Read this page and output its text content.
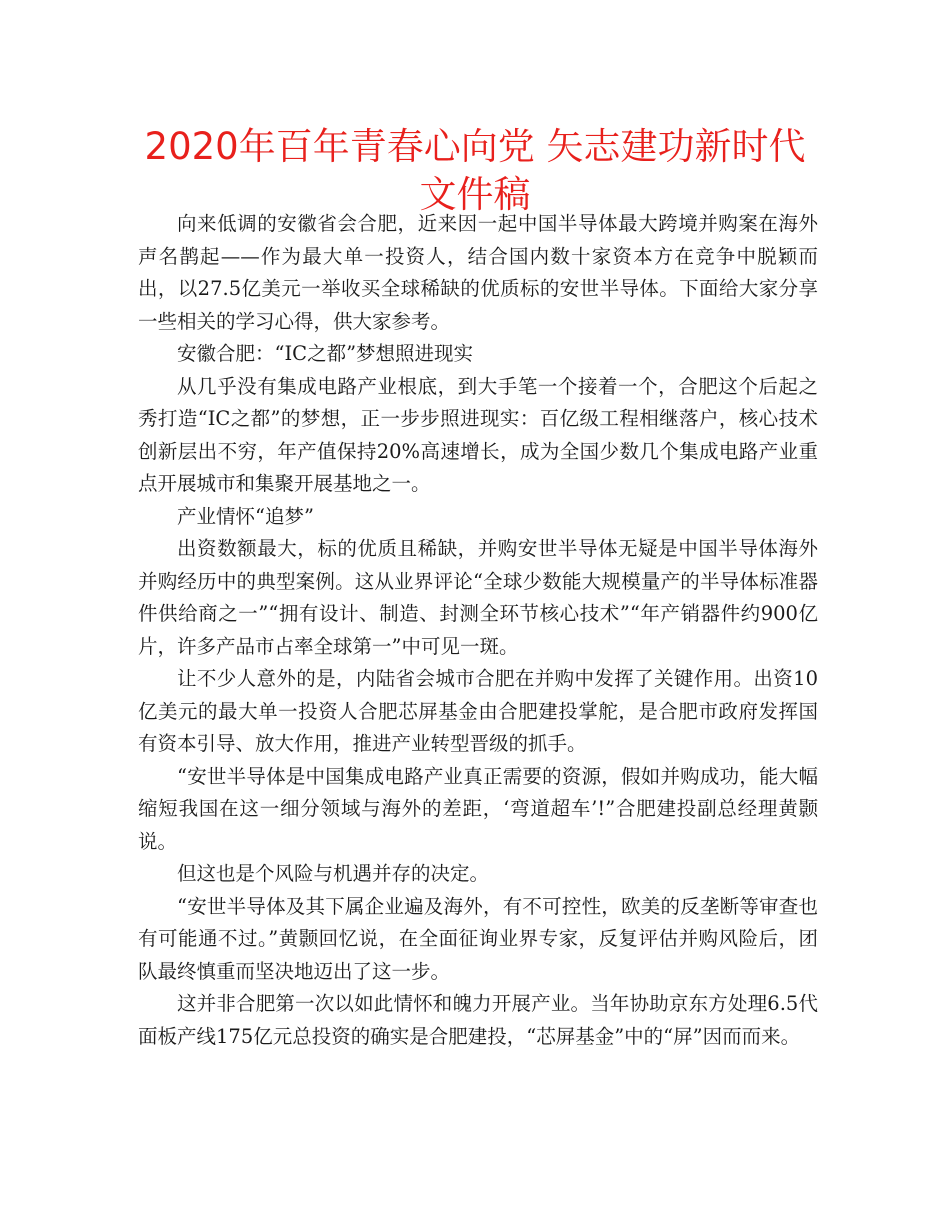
2020年百年青春心向党 矢志建功新时代
文件稿

向来低调的安徽省会合肥，近来因一起中国半导体最大跨境并购案在海外声名鹊起——作为最大单一投资人，结合国内数十家资本方在竞争中脱颖而出，以27.5亿美元一举收买全球稀缺的优质标的安世半导体。下面给大家分享一些相关的学习心得，供大家参考。

安徽合肥：“IC之都”梦想照进现实

从几乎没有集成电路产业根底，到大手笔一个接着一个，合肥这个后起之秀打造“IC之都”的梦想，正一步步照进现实：百亿级工程相继落户，核心技术创新层出不穷，年产值保持20%高速增长，成为全国少数几个集成电路产业重点开展城市和集聚开展基地之一。

产业情怀“追梦”

出资数额最大，标的优质且稀缺，并购安世半导体无疑是中国半导体海外并购经历中的典型案例。这从业界评论“全球少数能大规模量产的半导体标准器件供给商之一”“拥有设计、制造、封测全环节核心技术”“年产销器件约900亿片，许多产品市占率全球第一”中可见一斑。

让不少人意外的是，内陆省会城市合肥在并购中发挥了关键作用。出资10亿美元的最大单一投资人合肥芯屏基金由合肥建投掌舵，是合肥市政府发挥国有资本引导、放大作用，推进产业转型晋级的抓手。

“安世半导体是中国集成电路产业真正需要的资源，假如并购成功，能大幅缩短我国在这一细分领域与海外的差距，‘弯道超车’!”合肥建投副总经理黄颢说。

但这也是个风险与机遇并存的决定。

“安世半导体及其下属企业遍及海外，有不可控性，欧美的反垄断等审查也有可能通不过。”黄颢回忆说，在全面征询业界专家，反复评估并购风险后，团队最终慎重而坚决地迈出了这一步。

这并非合肥第一次以如此情怀和魄力开展产业。当年协助京东方处理6.5代面板产线175亿元总投资的确实是合肥建投，“芯屏基金”中的“屏”因而而来。
